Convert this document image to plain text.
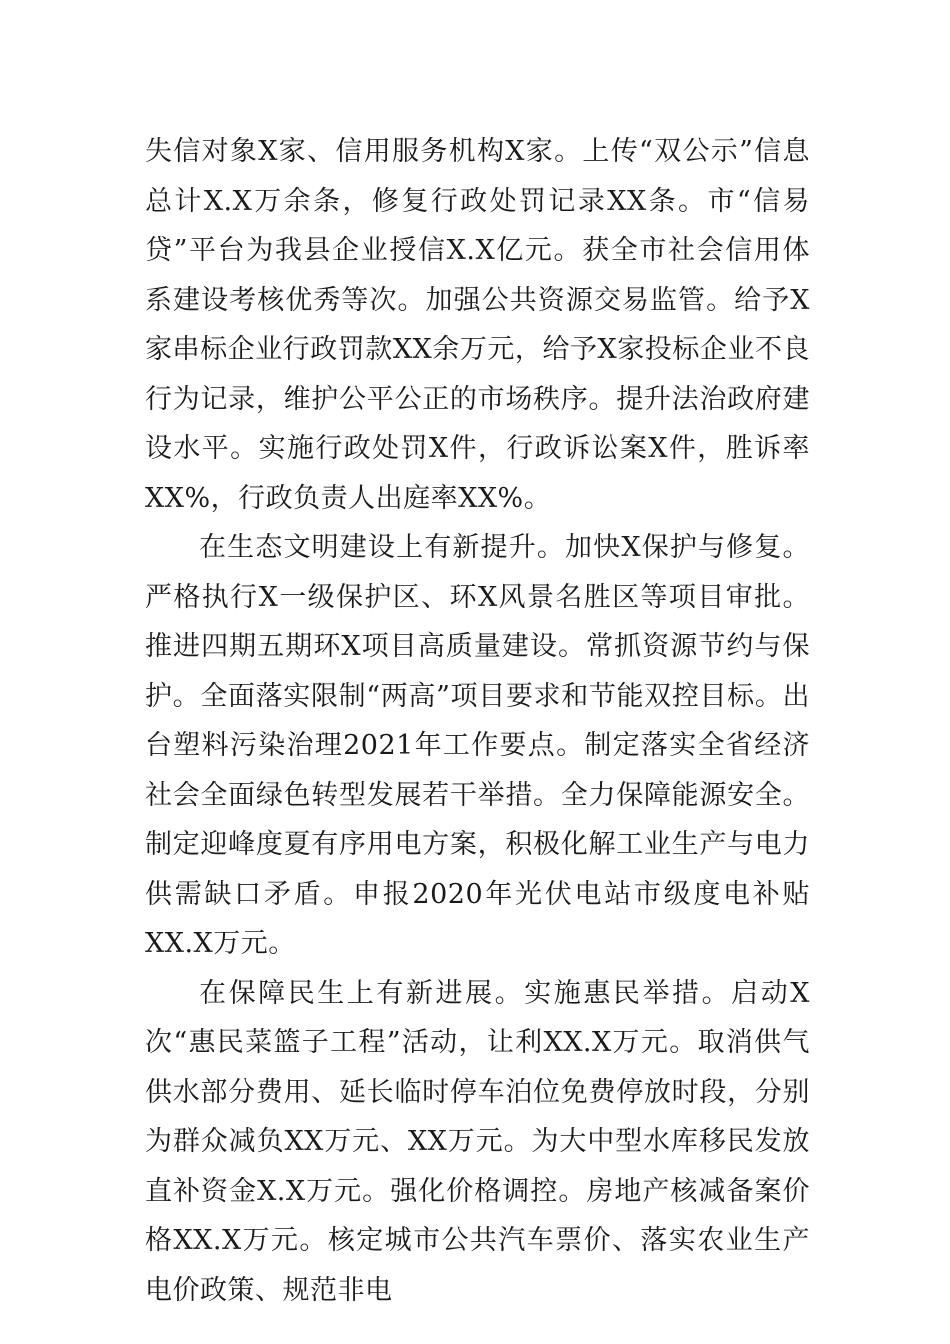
失信对象X家、信用服务机构X家。上传“双公示”信息总计X.X万余条，修复行政处罚记录XX条。市“信易贷”平台为我县企业授信X.X亿元。获全市社会信用体系建设考核优秀等次。加强公共资源交易监管。给予X家串标企业行政罚款XX余万元，给予X家投标企业不良行为记录，维护公平公正的市场秩序。提升法治政府建设水平。实施行政处罚X件，行政诉讼案X件，胜诉率XX%，行政负责人出庭率XX%。

在生态文明建设上有新提升。加快X保护与修复。严格执行X一级保护区、环X风景名胜区等项目审批。推进四期五期环X项目高质量建设。常抓资源节约与保护。全面落实限制“两高”项目要求和节能双控目标。出台塑料污染治理2021年工作要点。制定落实全省经济社会全面绿色转型发展若干举措。全力保障能源安全。制定迎峰度夏有序用电方案，积极化解工业生产与电力供需缺口矛盾。申报2020年光伏电站市级度电补贴XX.X万元。

在保障民生上有新进展。实施惠民举措。启动X次“惠民菜篮子工程”活动，让利XX.X万元。取消供气供水部分费用、延长临时停车泊位免费停放时段，分别为群众减负XX万元、XX万元。为大中型水库移民发放直补资金X.X万元。强化价格调控。房地产核减备案价格XX.X万元。核定城市公共汽车票价、落实农业生产电价政策、规范非电
